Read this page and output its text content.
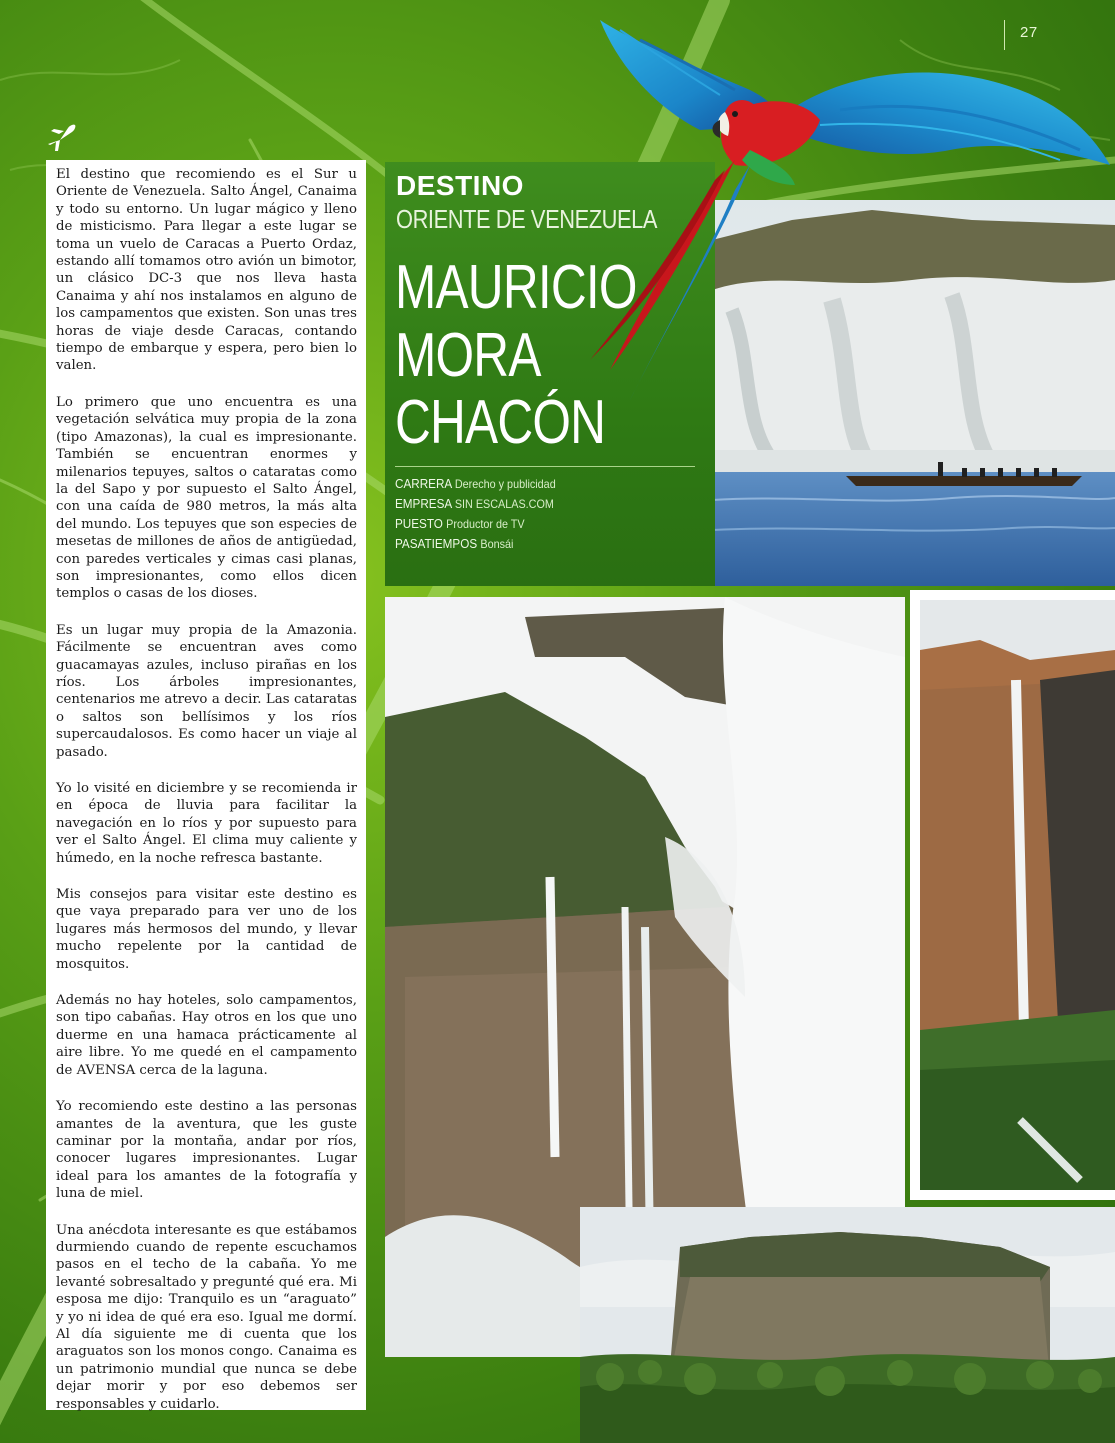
27

El destino que recomiendo es el Sur u Oriente de Venezuela. Salto Ángel, Canaima y todo su entorno. Un lugar mágico y lleno de misticismo. Para llegar a este lugar se toma un vuelo de Caracas a Puerto Ordaz, estando allí tomamos otro avión un bimotor, un clásico DC-3 que nos lleva hasta Canaima y ahí nos instalamos en alguno de los campamentos que existen. Son unas tres horas de viaje desde Caracas, contando tiempo de embarque y espera, pero bien lo valen.

Lo primero que uno encuentra es una vegetación selvática muy propia de la zona (tipo Amazonas), la cual es impresionante. También se encuentran enormes y milenarios tepuyes, saltos o cataratas como la del Sapo y por supuesto el Salto Ángel, con una caída de 980 metros, la más alta del mundo. Los tepuyes que son especies de mesetas de millones de años de antigüedad, con paredes verticales y cimas casi planas, son impresionantes, como ellos dicen templos o casas de los dioses.

Es un lugar muy propia de la Amazonia. Fácilmente se encuentran aves como guacamayas azules, incluso pirañas en los ríos. Los árboles impresionantes, centenarios me atrevo a decir. Las cataratas o saltos son bellísimos y los ríos supercaudalosos. Es como hacer un viaje al pasado.

Yo lo visité en diciembre y se recomienda ir en época de lluvia para facilitar la navegación en lo ríos y por supuesto para ver el Salto Ángel. El clima muy caliente y húmedo, en la noche refresca bastante.

Mis consejos para visitar este destino es que vaya preparado para ver uno de los lugares más hermosos del mundo, y llevar mucho repelente por la cantidad de mosquitos.

Además no hay hoteles, solo campamentos, son tipo cabañas. Hay otros en los que uno duerme en una hamaca prácticamente al aire libre. Yo me quedé en el campamento de AVENSA cerca de la laguna.

Yo recomiendo este destino a las personas amantes de la aventura, que les guste caminar por la montaña, andar por ríos, conocer lugares impresionantes. Lugar ideal para los amantes de la fotografía y luna de miel.

Una anécdota interesante es que estábamos durmiendo cuando de repente escuchamos pasos en el techo de la cabaña. Yo me levanté sobresaltado y pregunté qué era. Mi esposa me dijo: Tranquilo es un “araguato” y yo ni idea de qué era eso. Igual me dormí. Al día siguiente me di cuenta que los araguatos son los monos congo. Canaima es un patrimonio mundial que nunca se debe dejar morir y por eso debemos ser responsables y cuidarlo.

DESTINO
ORIENTE DE VENEZUELA
MAURICIO
MORA
CHACÓN
CARRERA Derecho y publicidad
EMPRESA SIN ESCALAS.COM
PUESTO Productor de TV
PASATIEMPOS Bonsái
